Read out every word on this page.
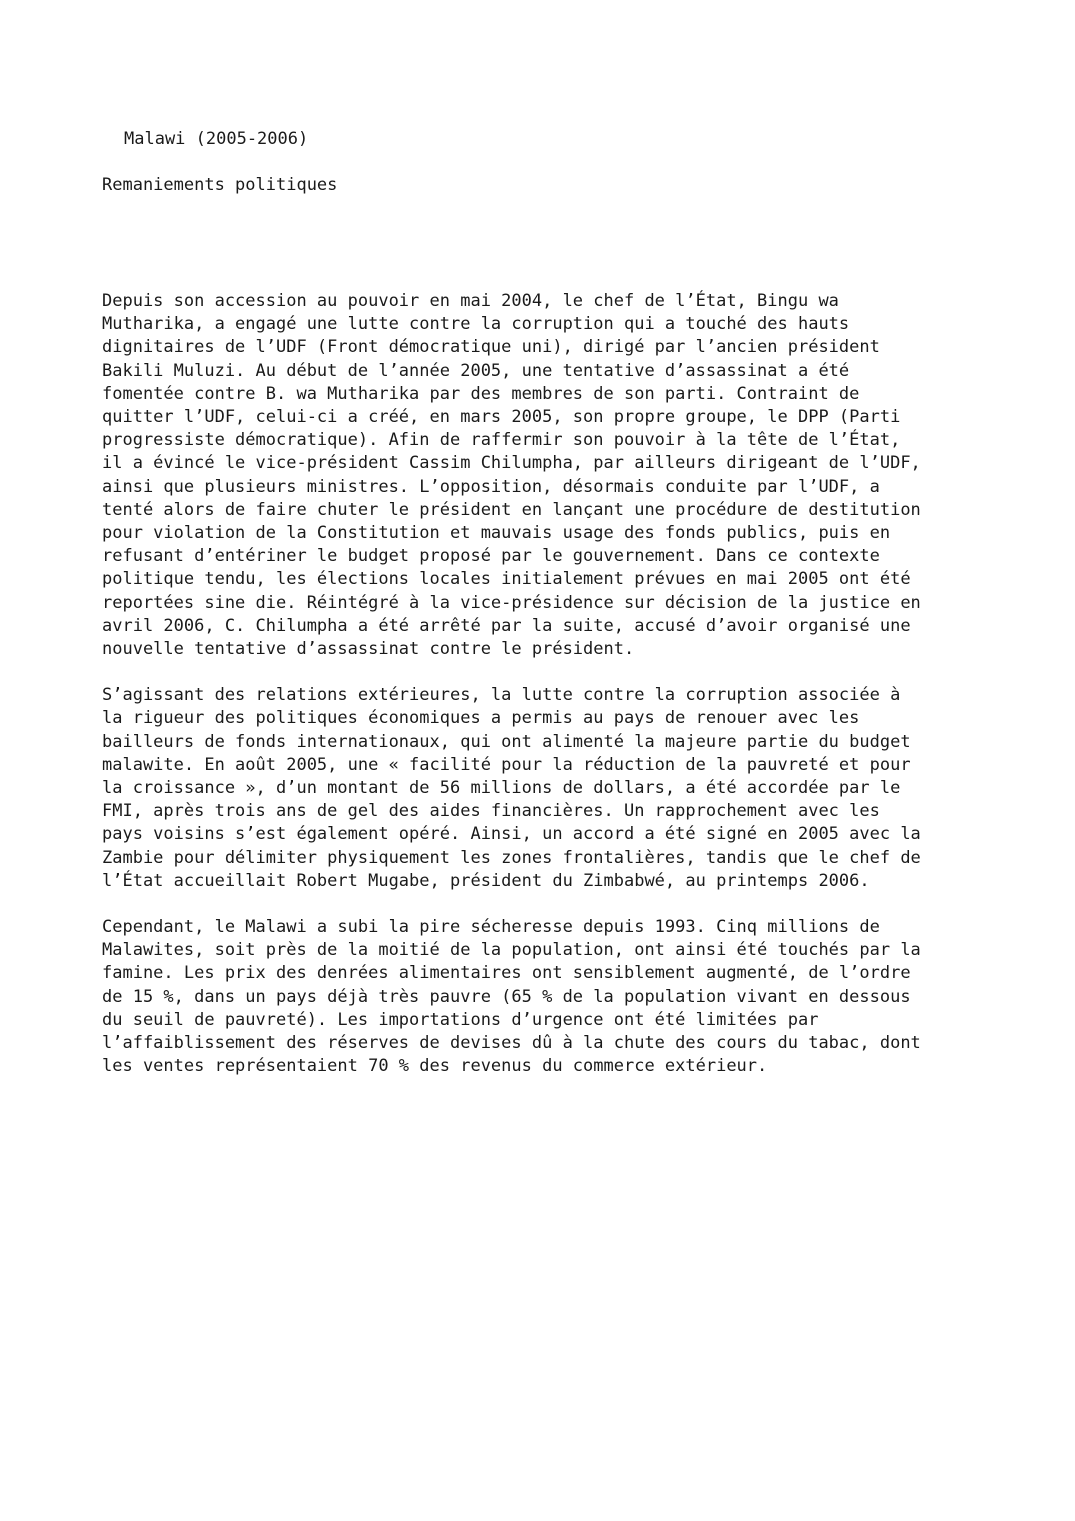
Malawi (2005-2006)
Remaniements politiques

Depuis son accession au pouvoir en mai 2004, le chef de l’État, Bingu wa
Mutharika, a engagé une lutte contre la corruption qui a touché des hauts
dignitaires de l’UDF (Front démocratique uni), dirigé par l’ancien président
Bakili Muluzi. Au début de l’année 2005, une tentative d’assassinat a été
fomentée contre B. wa Mutharika par des membres de son parti. Contraint de
quitter l’UDF, celui-ci a créé, en mars 2005, son propre groupe, le DPP (Parti
progressiste démocratique). Afin de raffermir son pouvoir à la tête de l’État,
il a évincé le vice-président Cassim Chilumpha, par ailleurs dirigeant de l’UDF,
ainsi que plusieurs ministres. L’opposition, désormais conduite par l’UDF, a
tenté alors de faire chuter le président en lançant une procédure de destitution
pour violation de la Constitution et mauvais usage des fonds publics, puis en
refusant d’entériner le budget proposé par le gouvernement. Dans ce contexte
politique tendu, les élections locales initialement prévues en mai 2005 ont été
reportées sine die. Réintégré à la vice-présidence sur décision de la justice en
avril 2006, C. Chilumpha a été arrêté par la suite, accusé d’avoir organisé une
nouvelle tentative d’assassinat contre le président.

S’agissant des relations extérieures, la lutte contre la corruption associée à
la rigueur des politiques économiques a permis au pays de renouer avec les
bailleurs de fonds internationaux, qui ont alimenté la majeure partie du budget
malawite. En août 2005, une « facilité pour la réduction de la pauvreté et pour
la croissance », d’un montant de 56 millions de dollars, a été accordée par le
FMI, après trois ans de gel des aides financières. Un rapprochement avec les
pays voisins s’est également opéré. Ainsi, un accord a été signé en 2005 avec la
Zambie pour délimiter physiquement les zones frontalières, tandis que le chef de
l’État accueillait Robert Mugabe, président du Zimbabwé, au printemps 2006.

Cependant, le Malawi a subi la pire sécheresse depuis 1993. Cinq millions de
Malawites, soit près de la moitié de la population, ont ainsi été touchés par la
famine. Les prix des denrées alimentaires ont sensiblement augmenté, de l’ordre
de 15 %, dans un pays déjà très pauvre (65 % de la population vivant en dessous
du seuil de pauvreté). Les importations d’urgence ont été limitées par
l’affaiblissement des réserves de devises dû à la chute des cours du tabac, dont
les ventes représentaient 70 % des revenus du commerce extérieur.
